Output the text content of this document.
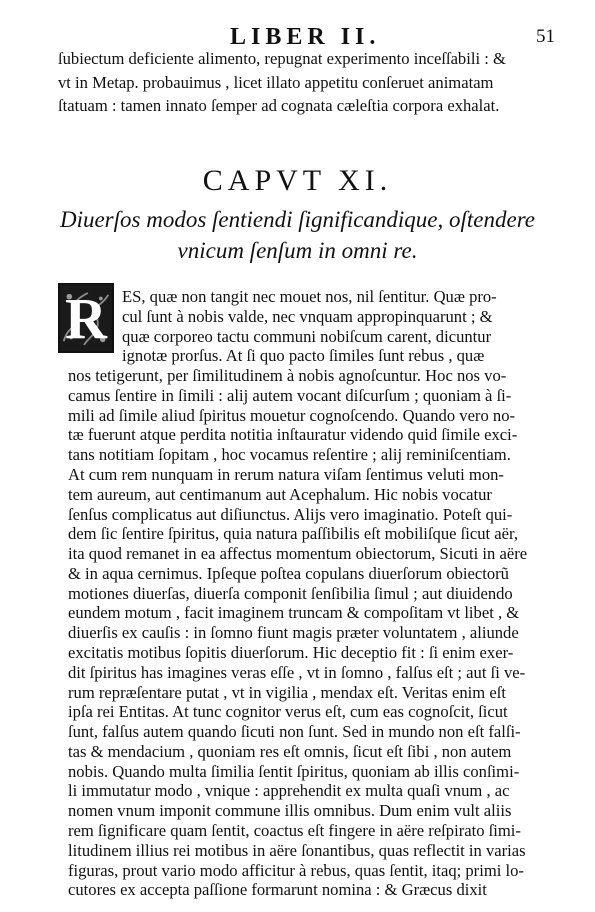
LIBER II.	51
ſubiectum deficiente alimento, repugnat experimento inceſſabili : &
vt in Metap. probauimus , licet illato appetitu conſeruet animatam
ſtatuam : tamen innato ſemper ad cognata cæleſtia corpora exhalat.
CAPVT XI.
Diuerſos modos ſentiendi ſignificandique, oſtendere
vnicum ſenſum in omni re.
R ES, quæ non tangit nec mouet nos, nil ſentitur. Quæ pro-
cul ſunt à nobis valde, nec vnquam appropinquarunt ; &
quæ corporeo tactu communi nobiſcum carent, dicuntur
ignotæ prorſus. At ſi quo pacto ſimiles ſunt rebus , quæ
nos tetigerunt, per ſimilitudinem à nobis agnoſcuntur. Hoc nos vo-
camus ſentire in ſimili : alij autem vocant diſcurſum ; quoniam à ſi-
mili ad ſimile aliud ſpiritus mouetur cognoſcendo. Quando vero no-
tæ fuerunt atque perdita notitia inſtauratur videndo quid ſimile exci-
tans notitiam ſopitam , hoc vocamus reſentire ; alij reminiſcentiam.
At cum rem nunquam in rerum natura viſam ſentimus veluti mon-
tem aureum, aut centimanum aut Acephalum. Hic nobis vocatur
ſenſus complicatus aut diſiunctus. Alijs vero imaginatio. Poteſt qui-
dem ſic ſentire ſpiritus, quia natura paſſibilis eſt mobiliſque ſicut aër,
ita quod remanet in ea affectus momentum obiectorum, Sicuti in aëre
& in aqua cernimus. Ipſeque poſtea copulans diuerſorum obiectorũ
motiones diuerſas, diuerſa componit ſenſibilia ſimul ; aut diuidendo
eundem motum , facit imaginem truncam & compoſitam vt libet , &
diuerſis ex cauſis : in ſomno fiunt magis præter voluntatem , aliunde
excitatis motibus ſopitis diuerſorum. Hic deceptio fit : ſi enim exer-
dit ſpiritus has imagines veras eſſe , vt in ſomno , falſus eſt ; aut ſi ve-
rum repræſentare putat , vt in vigilia , mendax eſt. Veritas enim eſt
ipſa rei Entitas. At tunc cognitor verus eſt, cum eas cognoſcit, ſicut
ſunt, falſus autem quando ſicuti non ſunt. Sed in mundo non eſt falſi-
tas & mendacium , quoniam res eſt omnis, ſicut eſt ſibi , non autem
nobis. Quando multa ſimilia ſentit ſpiritus, quoniam ab illis conſimi-
li immutatur modo , vnique : apprehendit ex multa quaſi vnum , ac
nomen vnum imponit commune illis omnibus. Dum enim vult aliis
rem ſignificare quam ſentit, coactus eſt fingere in aëre reſpirato ſimi-
litudinem illius rei motibus in aëre ſonantibus, quas reflectit in varias
figuras, prout vario modo afficitur à rebus, quas ſentit, itaq; primi lo-
cutores ex accepta paſſione formarunt nomina : & Græcus dixit
